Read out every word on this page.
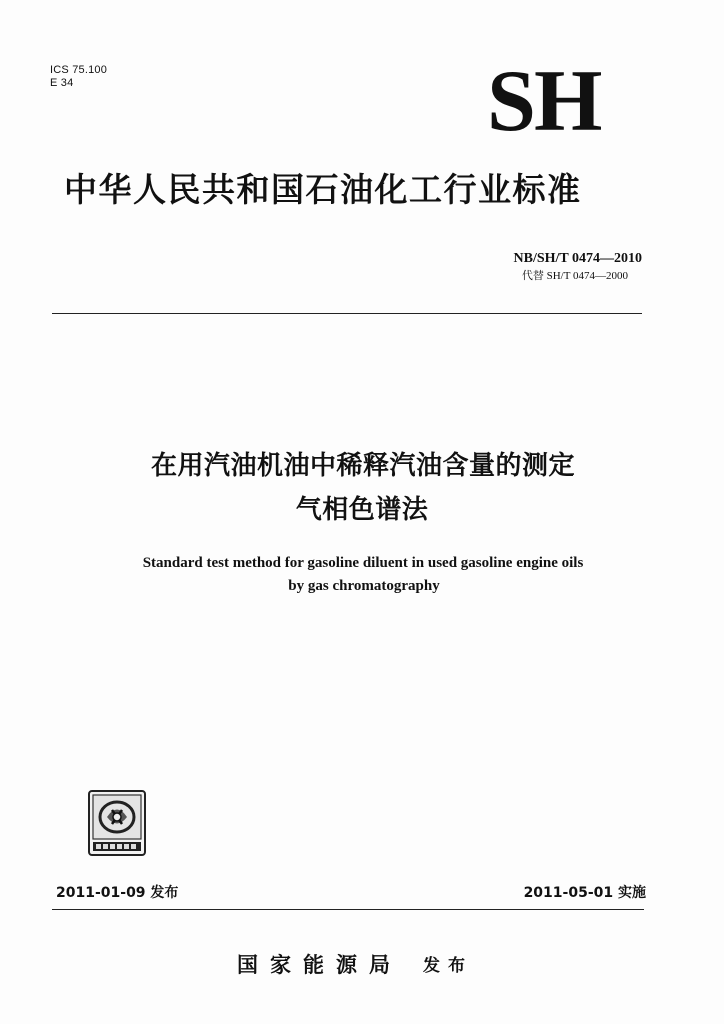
ICS 75.100
E 34	SH
中华人民共和国石油化工行业标准
NB/SH/T 0474—2010
代替 SH/T 0474—2000
在用汽油机油中稀释汽油含量的测定
气相色谱法
Standard test method for gasoline diluent in used gasoline engine oils
by gas chromatography
2011-01-09 发布	2011-05-01 实施
国家能源局 发布
